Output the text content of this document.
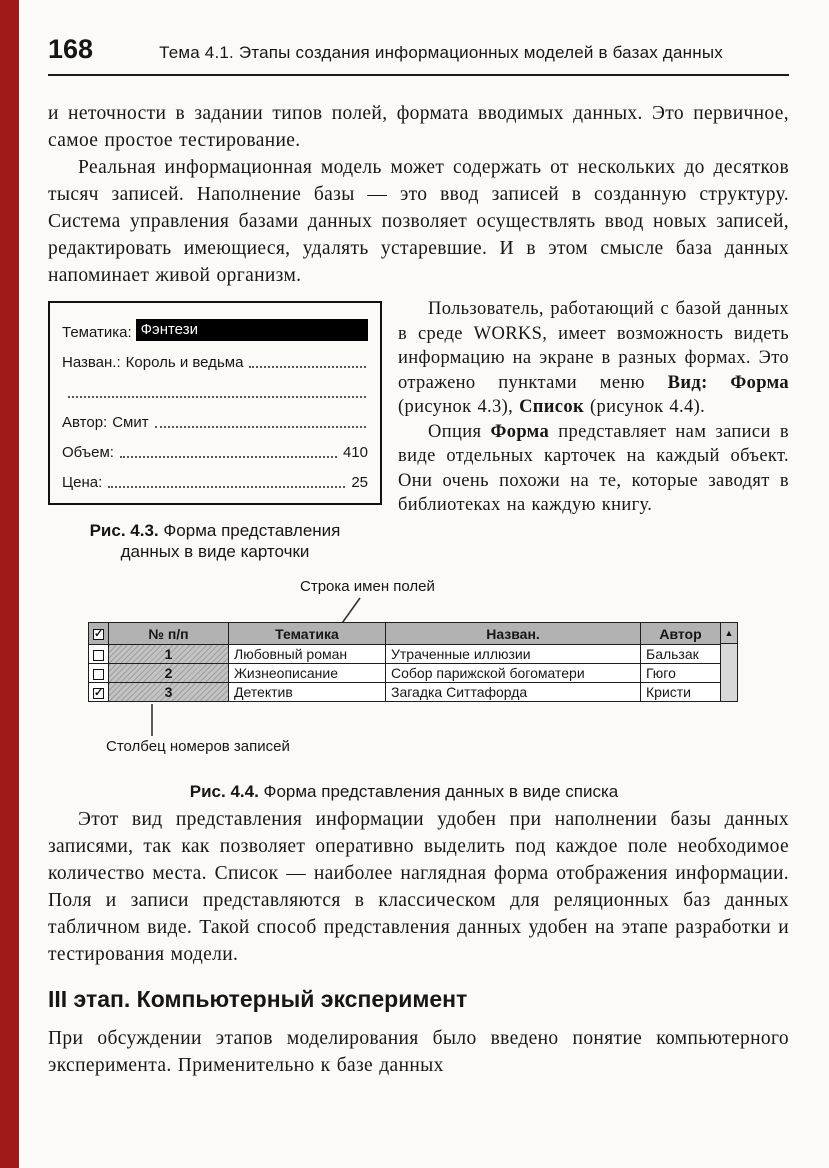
168	Тема 4.1. Этапы создания информационных моделей в базах данных

и неточности в задании типов полей, формата вводимых данных. Это первичное, самое простое тестирование.

Реальная информационная модель может содержать от нескольких до десятков тысяч записей. Наполнение базы — это ввод записей в созданную структуру. Система управления базами данных позволяет осуществлять ввод новых записей, редактировать имеющиеся, удалять устаревшие. И в этом смысле база данных напоминает живой организм.

Тематика: Фэнтези
Назван.: Король и ведьма
Автор: Смит
Объем:	410
Цена:	25
Рис. 4.3. Форма представления данных в виде карточки

Пользователь, работающий с базой данных в среде WORKS, имеет возможность видеть информацию на экране в разных формах. Это отражено пунктами меню Вид: Форма (рисунок 4.3), Список (рисунок 4.4).

Опция Форма представляет нам записи в виде отдельных карточек на каждый объект. Они очень похожи на те, которые заводят в библиотеках на каждую книгу.

Строка имен полей
✓	№ п/п	Тематика	Назван.	Автор
	1	Любовный роман	Утраченные иллюзии	Бальзак
	2	Жизнеописание	Собор парижской богоматери	Гюго
✓	3	Детектив	Загадка Ситтафорда	Кристи
▲
Столбец номеров записей
Рис. 4.4. Форма представления данных в виде списка

Этот вид представления информации удобен при наполнении базы данных записями, так как позволяет оперативно выделить под каждое поле необходимое количество места. Список — наиболее наглядная форма отображения информации. Поля и записи представляются в классическом для реляционных баз данных табличном виде. Такой способ представления данных удобен на этапе разработки и тестирования модели.

III этап. Компьютерный эксперимент

При обсуждении этапов моделирования было введено понятие компьютерного эксперимента. Применительно к базе данных
